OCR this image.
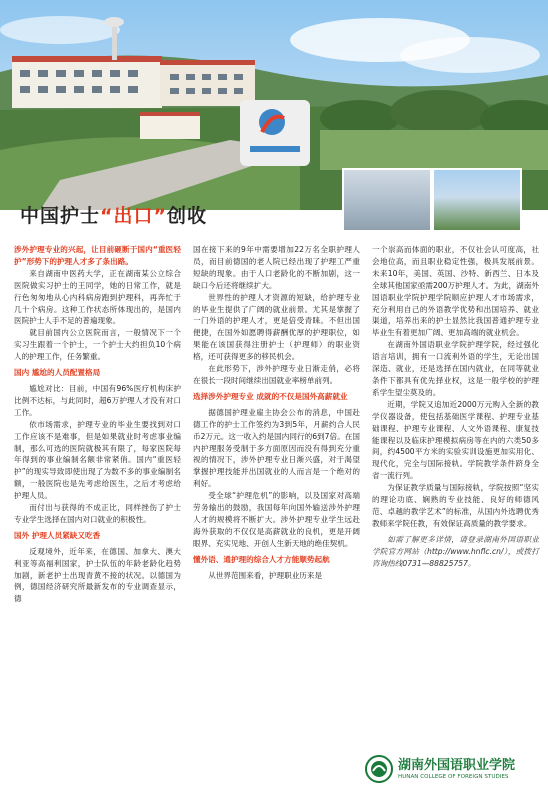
中国护士“出口”创收
涉外护理专业的兴起，让目前砸断于国内“重医轻护”形势下的护理人才多了条出路。

来自湖南中医药大学，正在湖南某公立综合医院做实习护士的王同学，她的日常工作，就是行色匆匆地从心内科病房跑到护理科，再奔忙于几十个病房。这种工作状态所体现出的，是国内医院护士人手不足的普遍现象。

就目前国内公立医院而言，一般情况下一个实习生跟着一个护士，一个护士大约担负10个病人的护理工作，任务繁重。

国内 尴尬的人员配置格局

尴尬对比：目前，中国有96%医疗机构床护比例不达标，与此同时，超6万护理人才没有对口工作。

依市场需求，护理专业的毕业生要找到对口工作应该不是难事，但是如果就业时考虑事业编制，那么可选的医院就极其有限了，每家医院每年得到的事业编制名额非常紧俏。国内“重医轻护”的现实导致即使出现了为数不多的事业编制名额，一般医院也是先考虑给医生，之后才考虑给护理人员。

而付出与获得的不成正比，同样挫伤了护士专业学生选择在国内对口就业的积极性。

国外 护理人员紧缺又吃香

反观境外，近年来，在德国、加拿大、澳大利亚等高福利国家，护士队伍的年龄老龄化趋势加剧，新老护士出现青黄不接的状况。以德国为例，德国经济研究所最新发布的专业调查显示，德

国在接下来的9年中需要增加22万名全职护理人员，而目前德国的老人院已经出现了护理工严重短缺的现象。由于人口老龄化的不断加剧，这一缺口今后还将继续扩大。

世界性的护理人才资源的短缺，给护理专业的毕业生提供了广阔的就业前景。尤其是掌握了一门外语的护理人才，更是倍受青睐。不但出国便捷，在国外如愿聘得薪酬优厚的护理职位，如果能在该国获得注册护士（护理师）的职业资格，还可获得更多的移民机会。

在此形势下，涉外护理专业日渐走俏，必将在很长一段时间继续出国就业率榜单前列。

选择涉外护理专业 成就的不仅是国外高薪就业

据德国护理业雇主协会公布的消息，中国赴德工作的护士工作签约为3到5年，月薪约合人民币2万元。这一收入约是国内同行的6到7倍。在国内护理服务受制于多方面原因而没有得到充分重视的情况下，涉外护理专业日渐兴盛，对于渴望掌握护理技能并出国就业的人而言是一个绝对的利好。

受全球“护理危机”的影响，以及国家对高端劳务输出的鼓励，我国每年向国外输送涉外护理人才的规模将不断扩大。涉外护理专业学生远赴海外获取的不仅仅是高薪就业的良机，更是开阔眼界、充实见地、开创人生新天地的绝佳契机。

懂外语、通护理的综合人才方能顺势起航

从世界范围来看，护理职业历来是

一个崇高而体面的职业，不仅社会认可度高，社会地位高，而且职业稳定性强，极具发展前景。未来10年，美国、英国、沙特、新西兰、日本及全球其他国家亟需200万护理人才。为此，湖南外国语职业学院护理学院顺应护理人才市场需求，充分利用自己的外语教学优势和出国培养、就业渠道，培养出来的护士显然比我国普通护理专业毕业生有着更加广阔、更加高端的就业机会。

在湖南外国语职业学院护理学院，经过强化语言培训，拥有一口流利外语的学生，无论出国深造、就业，还是选择在国内就业，在同等就业条件下都具有优先择业权，这是一般学校的护理系学生望尘莫及的。

近期，学院又追加近2000万元购入全新的教学仪器设备，使包括基础医学课程、护理专业基础课程、护理专业课程、人文外语课程、康复技能课程以及临床护理模拟病房等在内的六类50多间，约4500平方米的实验实训设施更加实用化、现代化，完全与国际接轨。学院教学条件跻身全省一流行列。

为保证教学质量与国际接轨，学院按照“坚实的理论功底、娴熟的专业技能、良好的师德风范、卓越的教学艺术”的标准，从国内外选聘优秀教师来学院任教，有效保证高质量的教学要求。

如需了解更多详情，请登录湖南外国语职业学院官方网站（http://www.hnflc.cn/），或拨打咨询热线0731—88825757。
湖南外国语职业学院
HUNAN COLLEGE OF FOREIGN STUDIES
